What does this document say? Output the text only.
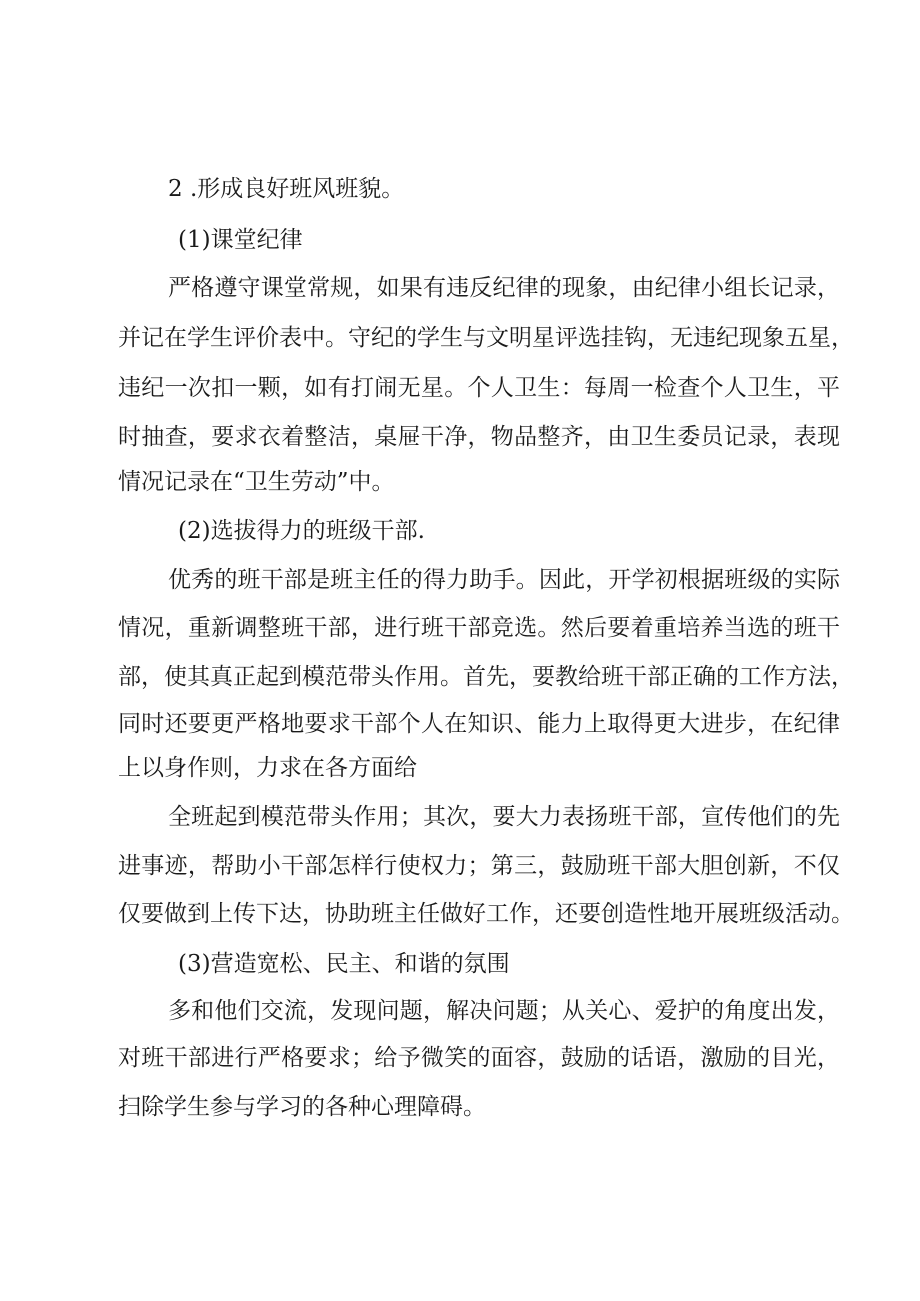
2 .形成良好班风班貌。
(1)课堂纪律
严格遵守课堂常规，如果有违反纪律的现象，由纪律小组长记录，
并记在学生评价表中。守纪的学生与文明星评选挂钩，无违纪现象五星，
违纪一次扣一颗，如有打闹无星。个人卫生：每周一检查个人卫生，平
时抽查，要求衣着整洁，桌屉干净，物品整齐，由卫生委员记录，表现
情况记录在“卫生劳动”中。
(2)选拔得力的班级干部.
优秀的班干部是班主任的得力助手。因此，开学初根据班级的实际
情况，重新调整班干部，进行班干部竞选。然后要着重培养当选的班干
部，使其真正起到模范带头作用。首先，要教给班干部正确的工作方法，
同时还要更严格地要求干部个人在知识、能力上取得更大进步，在纪律
上以身作则，力求在各方面给
全班起到模范带头作用；其次，要大力表扬班干部，宣传他们的先
进事迹，帮助小干部怎样行使权力；第三，鼓励班干部大胆创新，不仅
仅要做到上传下达，协助班主任做好工作，还要创造性地开展班级活动。
(3)营造宽松、民主、和谐的氛围
多和他们交流，发现问题，解决问题；从关心、爱护的角度出发，
对班干部进行严格要求；给予微笑的面容，鼓励的话语，激励的目光，
扫除学生参与学习的各种心理障碍。
